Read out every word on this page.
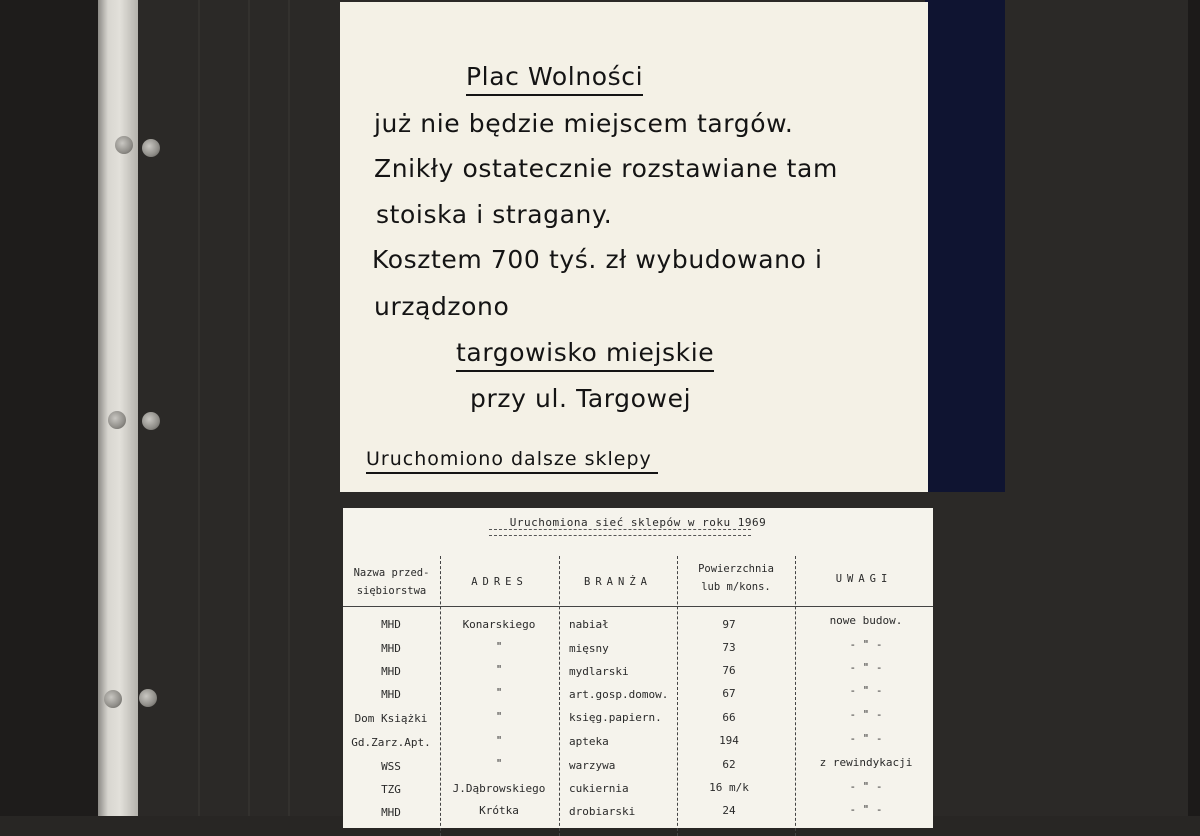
Plac Wolności
już nie będzie miejscem targów.
Znikły ostatecznie rozstawiane tam
stoiska i stragany.
Kosztem 700 tyś. zł wybudowano i
urządzono
targowisko miejskie
przy ul. Targowej
Uruchomiono dalsze sklepy
Uruchomiona sieć sklepów w roku 1969
Nazwa przed-
siębiorstwa
ADRES	BRANŻA
Powierzchnia
lub m/kons.
UWAGI
MHD	Konarskiego	nabiał	97	nowe budow.
MHD	"	mięsny	73	- " -
MHD	"	mydlarski	76	- " -
MHD	"	art.gosp.domow.	67	- " -
Dom Książki	"	księg.papiern.	66	- " -
Gd.Zarz.Apt.	"	apteka	194	- " -
WSS	"	warzywa	62	z rewindykacji
TZG	J.Dąbrowskiego	cukiernia	16 m/k	- " -
MHD	Krótka	drobiarski	24	- " -
